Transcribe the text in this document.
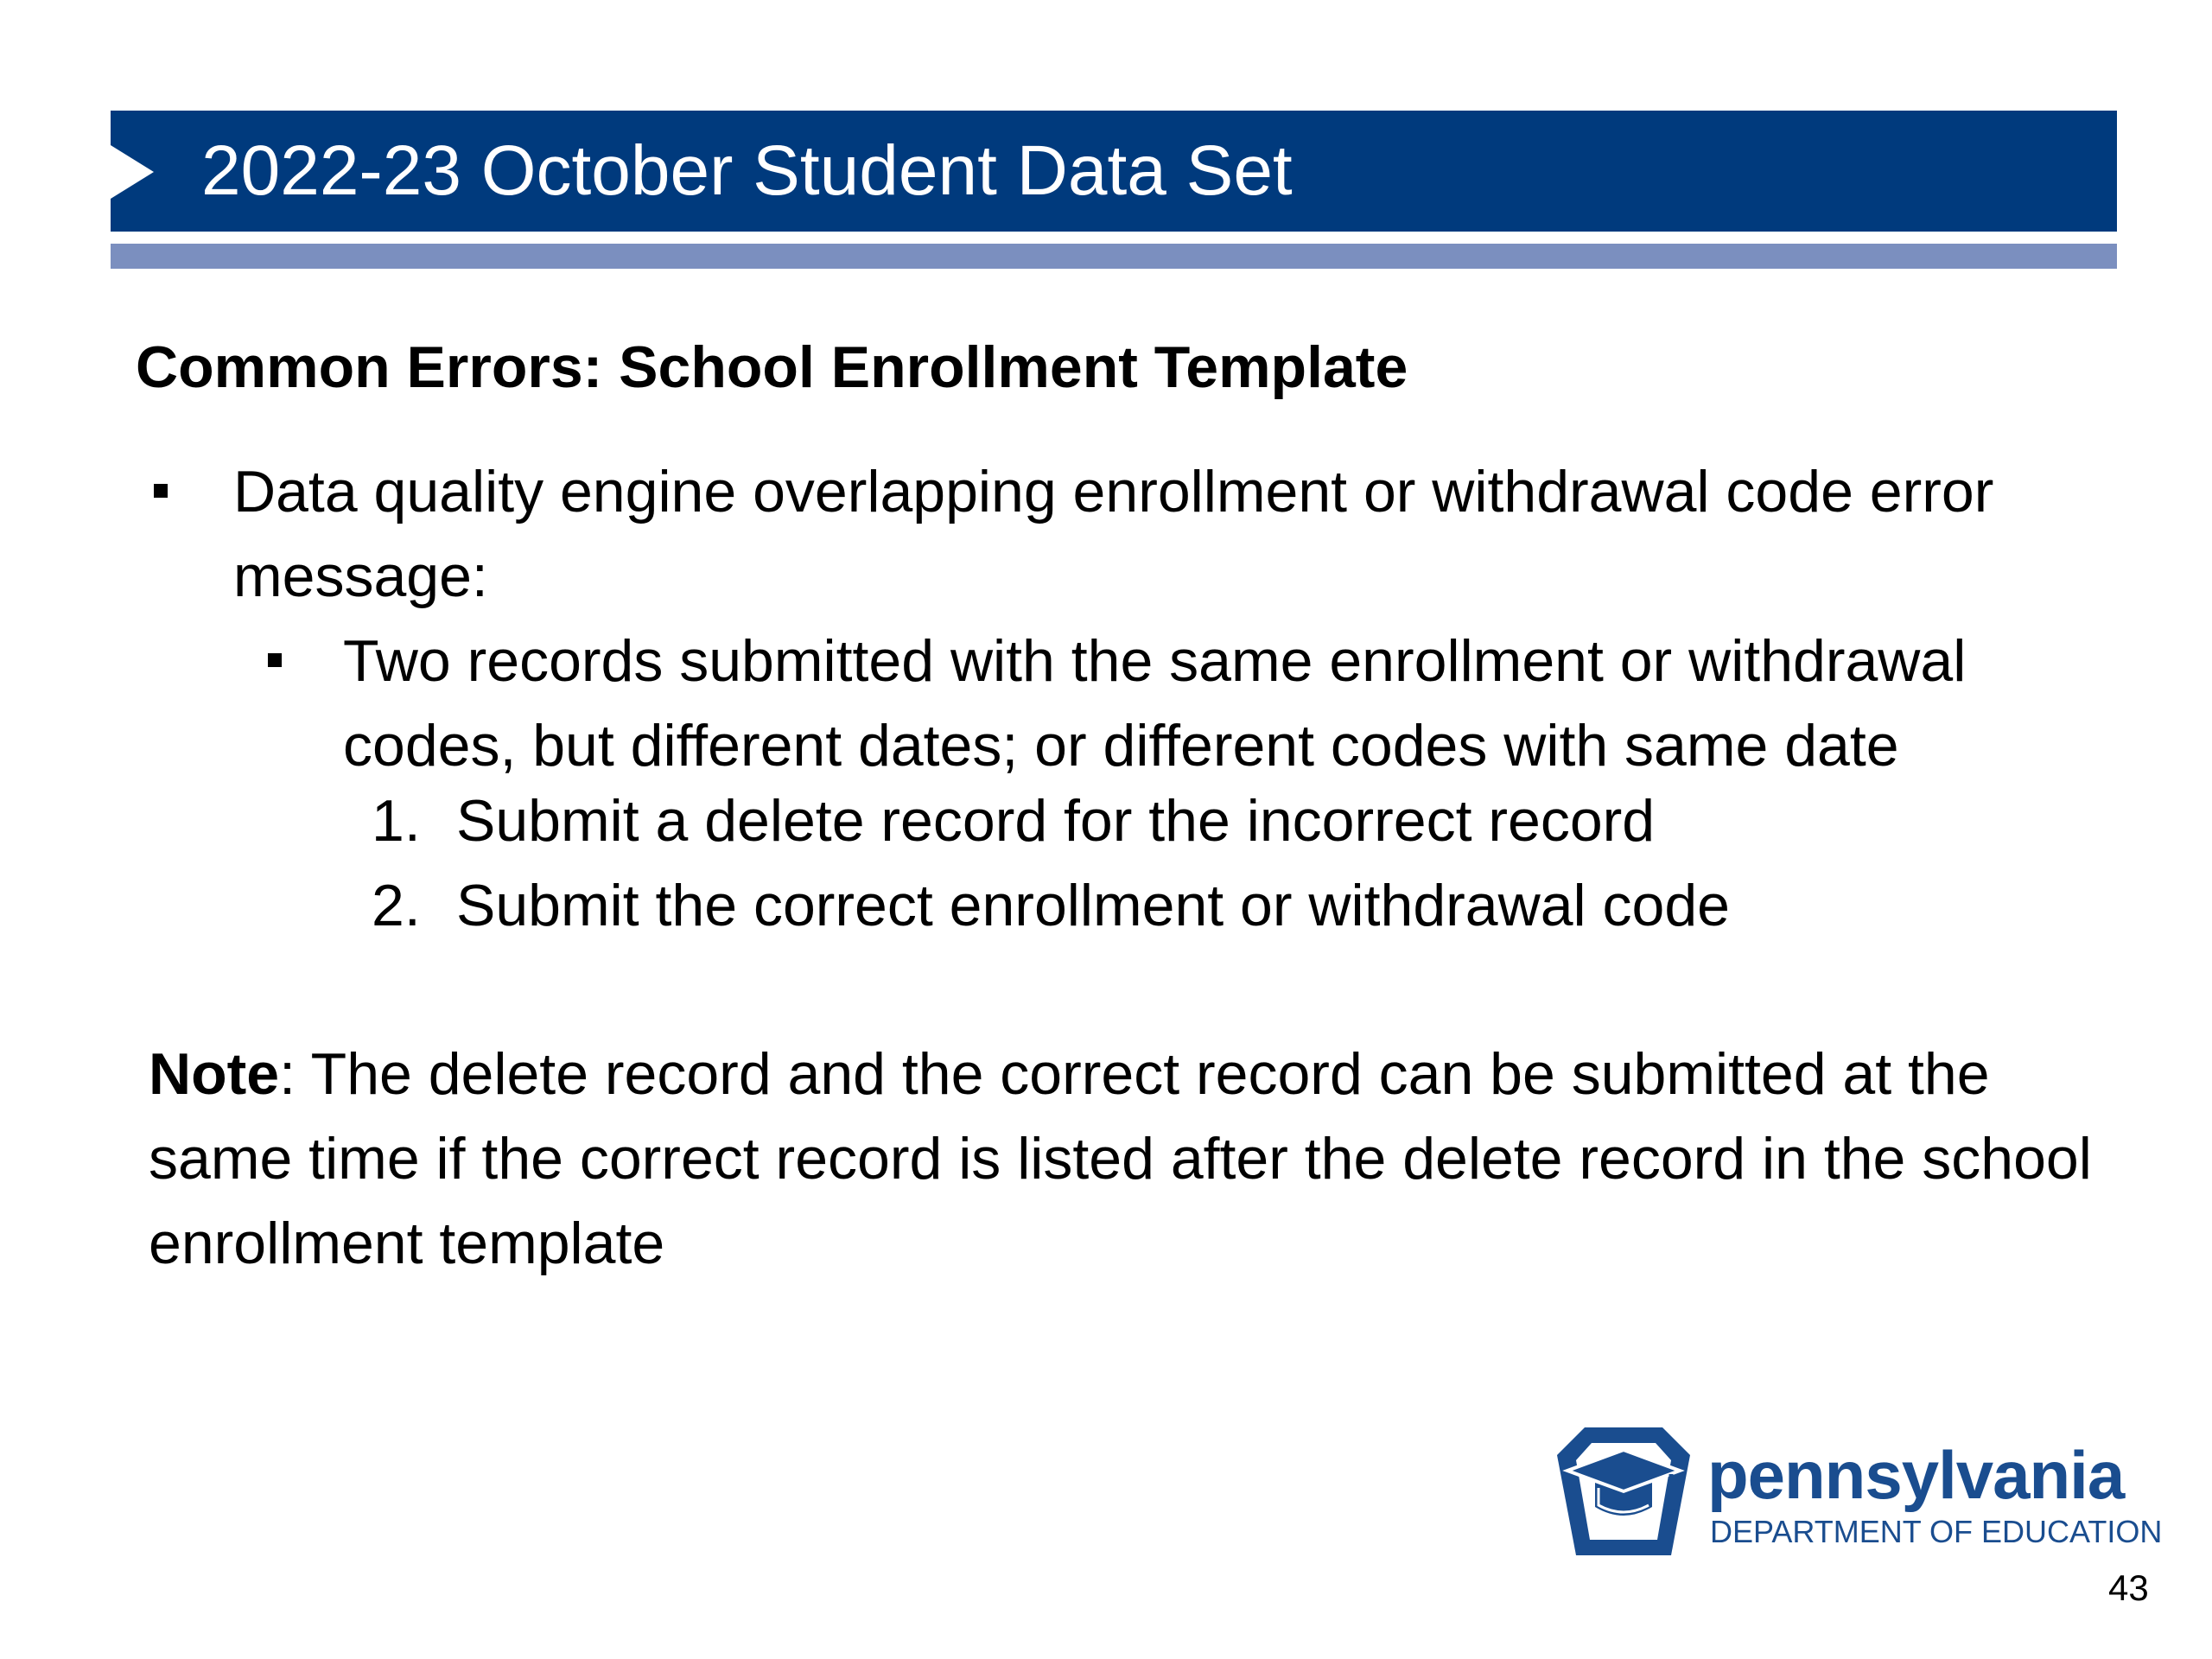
2022-23 October Student Data Set
Common Errors: School Enrollment Template
Data quality engine overlapping enrollment or withdrawal code error message:
Two records submitted with the same enrollment or withdrawal codes, but different dates; or different codes with same date
1. Submit a delete record for the incorrect record
2. Submit the correct enrollment or withdrawal code
Note: The delete record and the correct record can be submitted at the same time if the correct record is listed after the delete record in the school enrollment template
pennsylvania
DEPARTMENT OF EDUCATION
43
